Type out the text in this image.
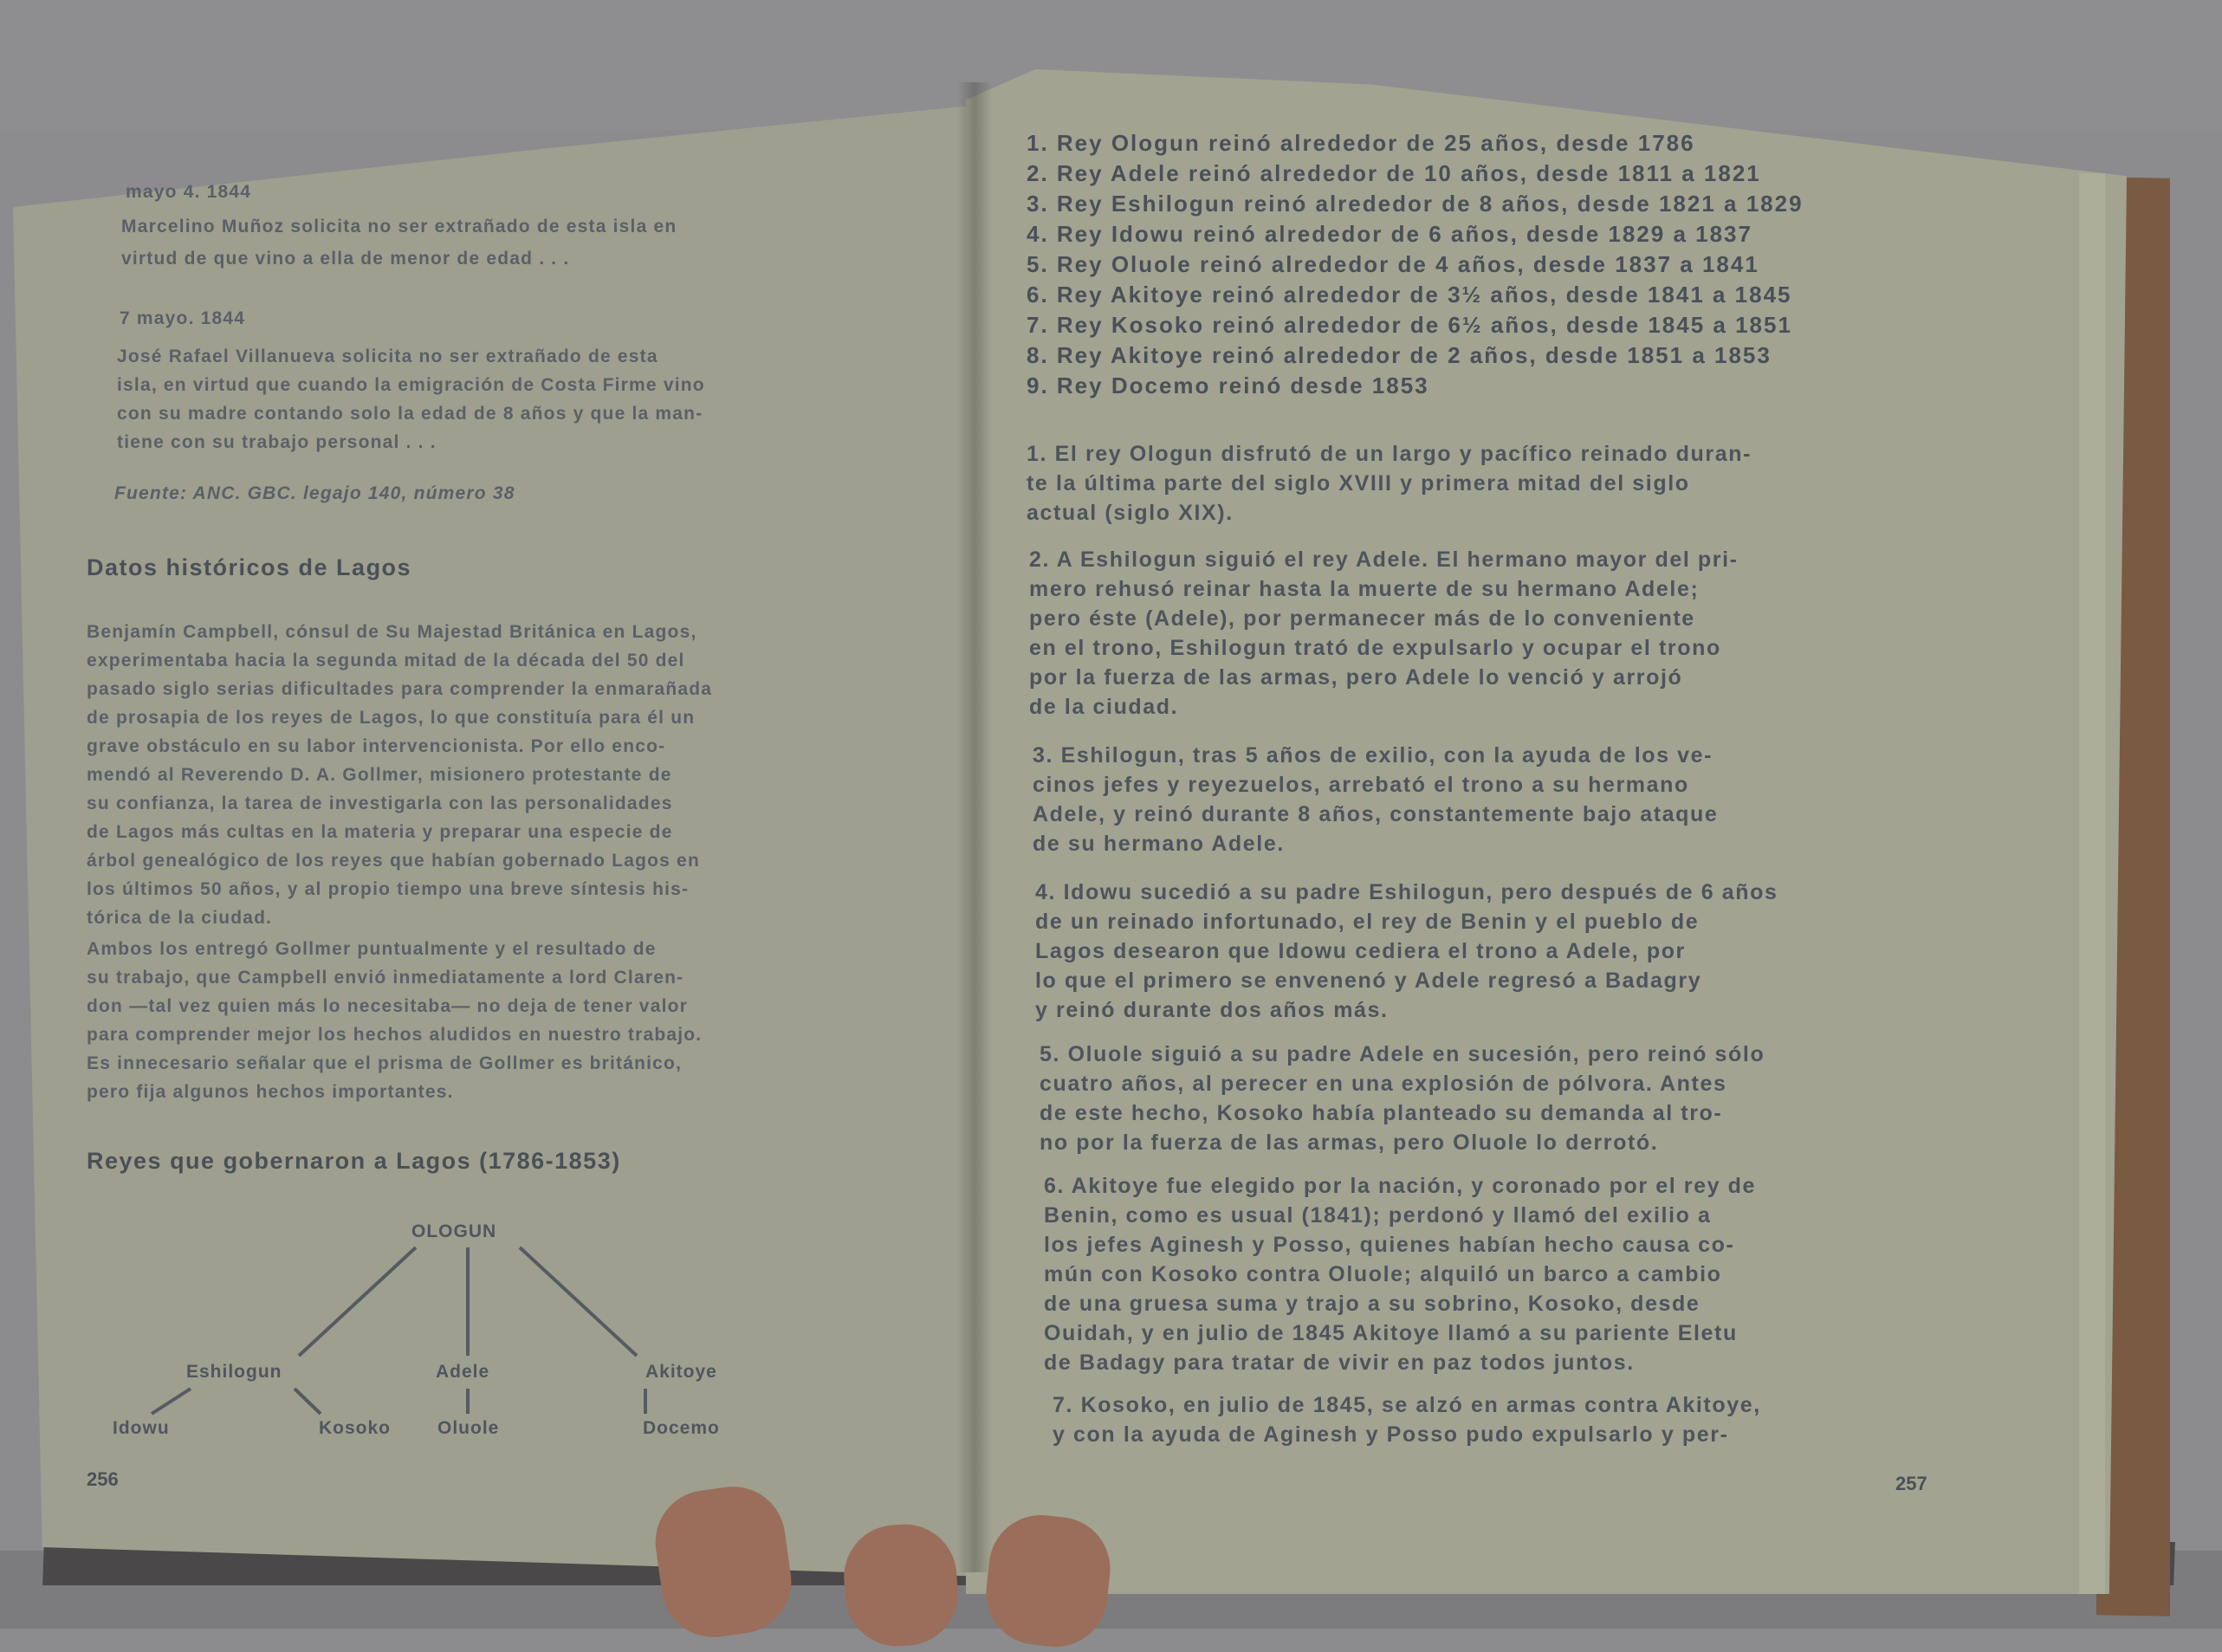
mayo 4. 1844
Marcelino Muñoz solicita no ser extrañado de esta isla en
virtud de que vino a ella de menor de edad . . .
7 mayo. 1844
José Rafael Villanueva solicita no ser extrañado de esta
isla, en virtud que cuando la emigración de Costa Firme vino
con su madre contando solo la edad de 8 años y que la man-
tiene con su trabajo personal . . .
Fuente: ANC. GBC. legajo 140, número 38
Datos históricos de Lagos
Benjamín Campbell, cónsul de Su Majestad Británica en Lagos,
experimentaba hacia la segunda mitad de la década del 50 del
pasado siglo serias dificultades para comprender la enmarañada
de prosapia de los reyes de Lagos, lo que constituía para él un
grave obstáculo en su labor intervencionista. Por ello enco-
mendó al Reverendo D. A. Gollmer, misionero protestante de
su confianza, la tarea de investigarla con las personalidades
de Lagos más cultas en la materia y preparar una especie de
árbol genealógico de los reyes que habían gobernado Lagos en
los últimos 50 años, y al propio tiempo una breve síntesis his-
tórica de la ciudad.
Ambos los entregó Gollmer puntualmente y el resultado de
su trabajo, que Campbell envió inmediatamente a lord Claren-
don —tal vez quien más lo necesitaba— no deja de tener valor
para comprender mejor los hechos aludidos en nuestro trabajo.
Es innecesario señalar que el prisma de Gollmer es británico,
pero fija algunos hechos importantes.
Reyes que gobernaron a Lagos (1786-1853)
OLOGUN
Eshilogun	Adele	Akitoye
Idowu	Kosoko	Oluole	Docemo
256
1. Rey Ologun reinó alrededor de 25 años, desde 1786
2. Rey Adele reinó alrededor de 10 años, desde 1811 a 1821
3. Rey Eshilogun reinó alrededor de 8 años, desde 1821 a 1829
4. Rey Idowu reinó alrededor de 6 años, desde 1829 a 1837
5. Rey Oluole reinó alrededor de 4 años, desde 1837 a 1841
6. Rey Akitoye reinó alrededor de 3½ años, desde 1841 a 1845
7. Rey Kosoko reinó alrededor de 6½ años, desde 1845 a 1851
8. Rey Akitoye reinó alrededor de 2 años, desde 1851 a 1853
9. Rey Docemo reinó desde 1853
1. El rey Ologun disfrutó de un largo y pacífico reinado duran-
te la última parte del siglo XVIII y primera mitad del siglo
actual (siglo XIX).
2. A Eshilogun siguió el rey Adele. El hermano mayor del pri-
mero rehusó reinar hasta la muerte de su hermano Adele;
pero éste (Adele), por permanecer más de lo conveniente
en el trono, Eshilogun trató de expulsarlo y ocupar el trono
por la fuerza de las armas, pero Adele lo venció y arrojó
de la ciudad.
3. Eshilogun, tras 5 años de exilio, con la ayuda de los ve-
cinos jefes y reyezuelos, arrebató el trono a su hermano
Adele, y reinó durante 8 años, constantemente bajo ataque
de su hermano Adele.
4. Idowu sucedió a su padre Eshilogun, pero después de 6 años
de un reinado infortunado, el rey de Benin y el pueblo de
Lagos desearon que Idowu cediera el trono a Adele, por
lo que el primero se envenenó y Adele regresó a Badagry
y reinó durante dos años más.
5. Oluole siguió a su padre Adele en sucesión, pero reinó sólo
cuatro años, al perecer en una explosión de pólvora. Antes
de este hecho, Kosoko había planteado su demanda al tro-
no por la fuerza de las armas, pero Oluole lo derrotó.
6. Akitoye fue elegido por la nación, y coronado por el rey de
Benin, como es usual (1841); perdonó y llamó del exilio a
los jefes Aginesh y Posso, quienes habían hecho causa co-
mún con Kosoko contra Oluole; alquiló un barco a cambio
de una gruesa suma y trajo a su sobrino, Kosoko, desde
Ouidah, y en julio de 1845 Akitoye llamó a su pariente Eletu
de Badagy para tratar de vivir en paz todos juntos.
7. Kosoko, en julio de 1845, se alzó en armas contra Akitoye,
y con la ayuda de Aginesh y Posso pudo expulsarlo y per-
257
